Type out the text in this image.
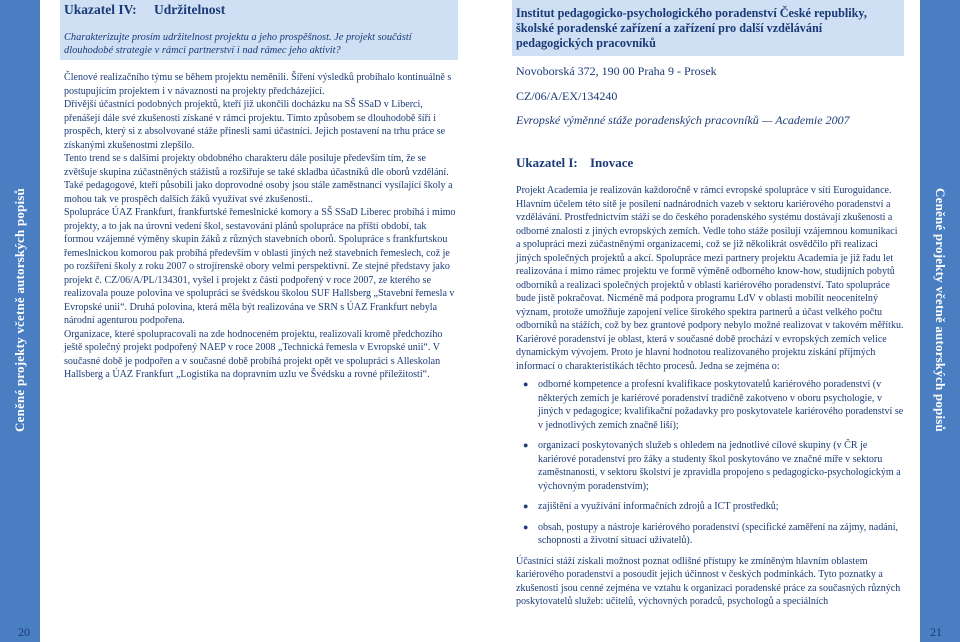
Ceněné projekty včetně autorských popisů
20
Ukazatel IV: Udržitelnost
Charakterizujte prosím udržitelnost projektu a jeho prospěšnost. Je projekt součástí dlouhodobé strategie v rámci partnerství i nad rámec jeho aktivit?

Členové realizačního týmu se během projektu neměnili. Šíření výsledků probíhalo kontinuálně s postupujícím projektem i v návaznosti na projekty předcházející.

Dřívější účastníci podobných projektů, kteří již ukončili docházku na SŠ SSaD v Liberci, přenášejí dále své zkušenosti získané v rámci projektu. Tímto způsobem se dlouhodobě šíří i prospěch, který si z absolvované stáže přinesli sami účastníci. Jejich postavení na trhu práce se získanými zkušenostmi zlepšilo.

Tento trend se s dalšími projekty obdobného charakteru dále posiluje především tím, že se zvětšuje skupina zúčastněných stážistů a rozšiřuje se také skladba účastníků dle oborů vzdělání. Také pedagogové, kteří působili jako doprovodné osoby jsou stále zaměstnanci vysílající školy a mohou tak ve prospěch dalších žáků využívat své zkušenosti..

Spolupráce ÚAZ Frankfurt, frankfurtské řemeslnické komory a SŠ SSaD Liberec probíhá i mimo projekty, a to jak na úrovni vedení škol, sestavování plánů spolupráce na příští období, tak formou vzájemné výměny skupin žáků z různých stavebních oborů. Spolupráce s frankfurtskou řemeslnickou komorou pak probíhá především v oblasti jiných než stavebních řemeslech, což je po rozšíření školy z roku 2007 o strojírenské obory velmi perspektivní. Ze stejné představy jako projekt č. CZ/06/A/PL/134301, vyšel i projekt z části podpořený v roce 2007, ze kterého se realizovala pouze polovina ve spolupráci se švédskou školou SUF Hallsberg „Stavební řemesla v Evropské unii“. Druhá polovina, která měla být realizována ve SRN s ÚAZ Frankfurt nebyla národní agenturou podpořena.

Organizace, které spolupracovali na zde hodnoceném projektu, realizovali kromě předchozího ještě společný projekt podpořený NAEP v roce 2008 „Technická řemesla v Evropské unii“. V současné době je podpořen a v současné době probíhá projekt opět ve spolupráci s Alleskolan Hallsberg a ÚAZ Frankfurt „Logistika na dopravním uzlu ve Švédsku a rovné příležitosti“.

Institut pedagogicko-psychologického poradenství České republiky, školské poradenské zařízení a zařízení pro další vzdělávání pedagogických pracovníků
Novoborská 372, 190 00 Praha 9 - Prosek
CZ/06/A/EX/134240
Evropské výměnné stáže poradenských pracovníků — Academie 2007
Ukazatel I: Inovace

Projekt Academia je realizován každoročně v rámci evropské spolupráce v síti Euroguidance. Hlavním účelem této sítě je posílení nadnárodních vazeb v sektoru kariérového poradenství a vzdělávání. Prostřednictvím stáží se do českého poradenského systému dostávají zkušenosti a odborné znalosti z jiných evropských zemích. Vedle toho stáže posilují vzájemnou komunikaci a spolupráci mezi zúčastněnými organizacemi, což se již několikrát osvědčilo při realizaci jiných společných projektů a akcí. Spolupráce mezi partnery projektu Academia je již řadu let realizována i mimo rámec projektu ve formě výměně odborného know-how, studijních pobytů odborníků a realizaci společných projektů v oblasti kariérového poradenství. Tato spolupráce bude jistě pokračovat. Nicméně má podpora programu LdV v oblasti mobilit neocenitelný význam, protože umožňuje zapojení velice širokého spektra partnerů a účast velkého počtu odborníků na stážích, což by bez grantové podpory nebylo možné realizovat v takovém měřítku.

Kariérové poradenství je oblast, která v současné době prochází v evropských zemích velice dynamickým vývojem. Proto je hlavní hodnotou realizovaného projektu získání příjmých informací o charakteristikách těchto procesů. Jedna se zejména o:

● odborné kompetence a profesní kvalifikace poskytovatelů kariérového poradenství (v některých zemích je kariérové poradenství tradičně zakotveno v oboru psychologie, v jiných v pedagogice; kvalifikační požadavky pro poskytovatele kariérového poradenství se v jednotlivých zemích značně liší);
● organizaci poskytovaných služeb s ohledem na jednotlivé cílové skupiny (v ČR je kariérové poradenství pro žáky a studenty škol poskytováno ve značné míře v sektoru zaměstnanosti, v sektoru školství je zpravidla propojeno s pedagogicko-psychologickým a výchovným poradenstvím);
● zajištění a využívání informačních zdrojů a ICT prostředků;
● obsah, postupy a nástroje kariérového poradenství (specifické zaměření na zájmy, nadání, schopnosti a životní situaci uživatelů).

Účastníci stáží získali možnost poznat odlišné přístupy ke zmíněným hlavním oblastem kariérového poradenství a posoudit jejich účinnost v českých podmínkách. Tyto poznatky a zkušenosti jsou cenné zejména ve vztahu k organizaci poradenské práce za současných různých poskytovatelů služeb: učitelů, výchovných poradců, psychologů a speciálních

Ceněné projekty včetně autorských popisů
21
